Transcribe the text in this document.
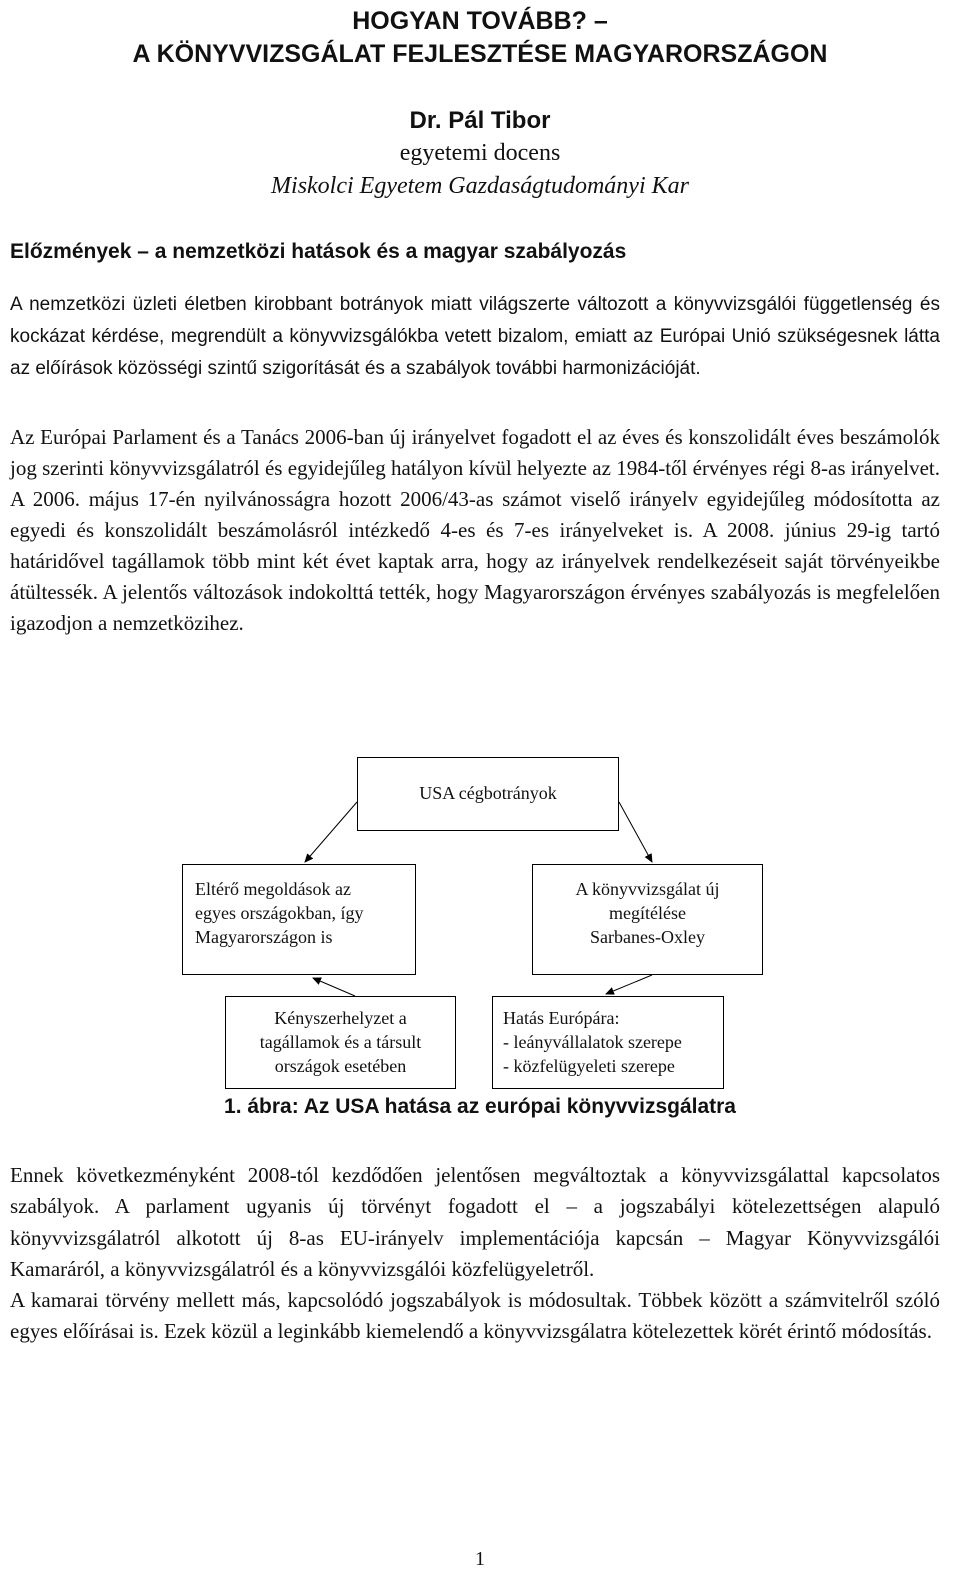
HOGYAN TOVÁBB? –
A KÖNYVVIZSGÁLAT FEJLESZTÉSE MAGYARORSZÁGON
Dr. Pál Tibor
egyetemi docens
Miskolci Egyetem Gazdaságtudományi Kar
Előzmények – a nemzetközi hatások és a magyar szabályozás

A nemzetközi üzleti életben kirobbant botrányok miatt világszerte változott a könyvvizsgálói függetlenség és kockázat kérdése, megrendült a könyvvizsgálókba vetett bizalom, emiatt az Európai Unió szükségesnek látta az előírások közösségi szintű szigorítását és a szabályok további harmonizációját.

Az Európai Parlament és a Tanács 2006-ban új irányelvet fogadott el az éves és konszolidált éves beszámolók jog szerinti könyvvizsgálatról és egyidejűleg hatályon kívül helyezte az 1984-től érvényes régi 8-as irányelvet. A 2006. május 17-én nyilvánosságra hozott 2006/43-as számot viselő irányelv egyidejűleg módosította az egyedi és konszolidált beszámolásról intézkedő 4-es és 7-es irányelveket is. A 2008. június 29-ig tartó határidővel tagállamok több mint két évet kaptak arra, hogy az irányelvek rendelkezéseit saját törvényeikbe átültessék. A jelentős változások indokolttá tették, hogy Magyarországon érvényes szabályozás is megfelelően igazodjon a nemzetközihez.

USA cégbotrányok
Eltérő megoldások az
egyes országokban, így
Magyarországon is
A könyvvizsgálat új
megítélése
Sarbanes-Oxley
Kényszerhelyzet a
tagállamok és a társult
országok esetében
Hatás Európára:
- leányvállalatok szerepe
- közfelügyeleti szerepe

1. ábra: Az USA hatása az európai könyvvizsgálatra

Ennek következményként 2008-tól kezdődően jelentősen megváltoztak a könyvvizsgálattal kapcsolatos szabályok. A parlament ugyanis új törvényt fogadott el – a jogszabályi kötelezettségen alapuló könyvvizsgálatról alkotott új 8-as EU-irányelv implementációja kapcsán – Magyar Könyvvizsgálói Kamaráról, a könyvvizsgálatról és a könyvvizsgálói közfelügyeletről.
A kamarai törvény mellett más, kapcsolódó jogszabályok is módosultak. Többek között a számvitelről szóló egyes előírásai is. Ezek közül a leginkább kiemelendő a könyvvizsgálatra kötelezettek körét érintő módosítás.
1
